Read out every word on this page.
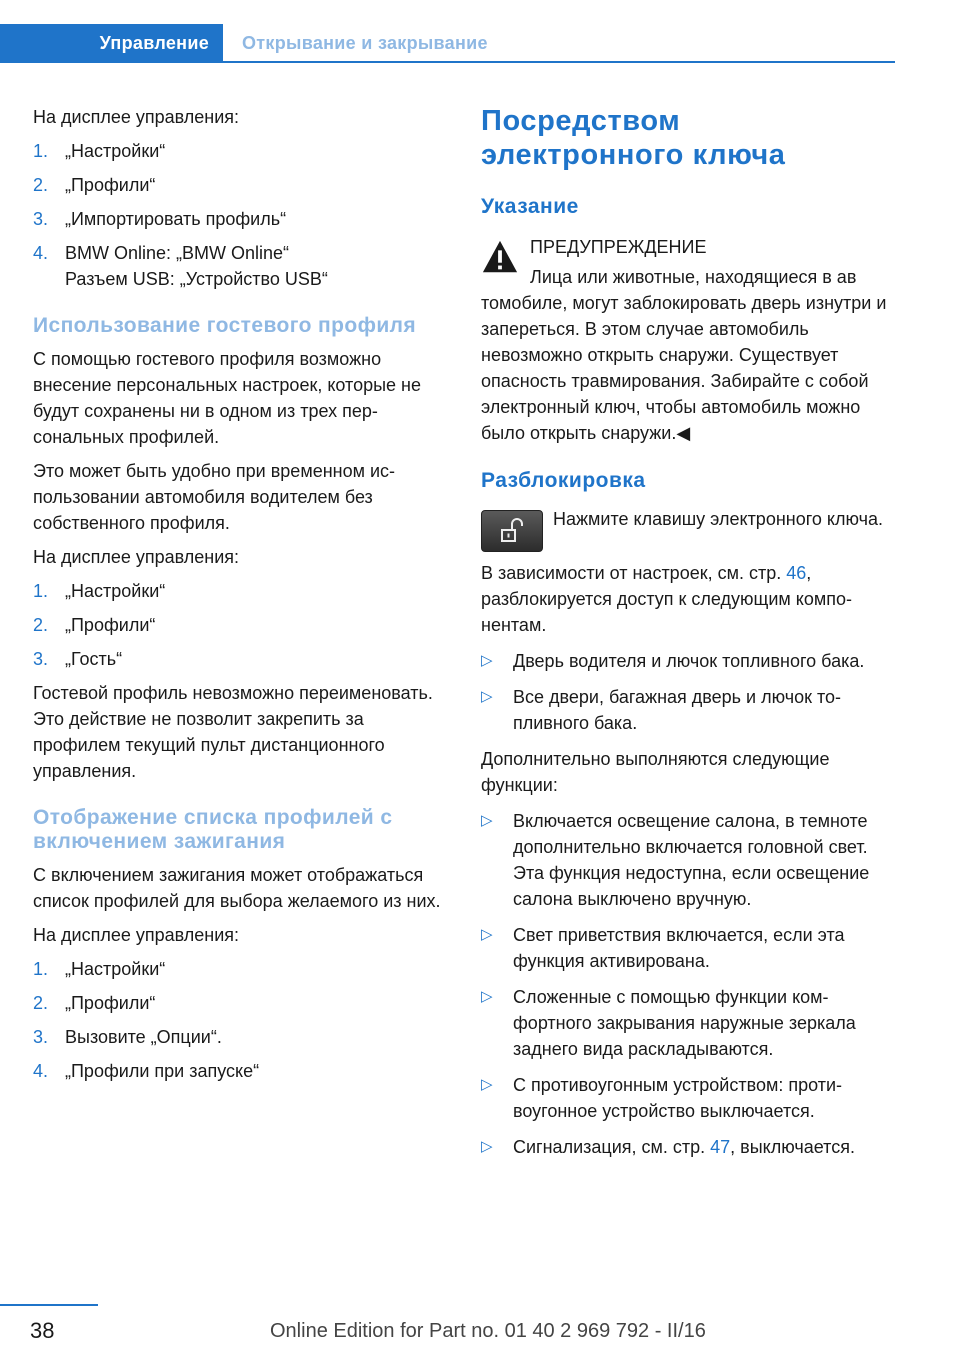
Управление Открывание и закрывание

На дисплее управления:

1. „Настройки“
2. „Профили“
3. „Импортировать профиль“
4. BMW Online: „BMW Online“

Разъем USB: „Устройство USB“

Использование гостевого профиля

С помощью гостевого профиля возможно внесение персональных настроек, которые не будут сохранены ни в одном из трех персональных профилей.

Это может быть удобно при временном использовании автомобиля водителем без собственного профиля.

На дисплее управления:

1. „Настройки“
2. „Профили“
3. „Гость“

Гостевой профиль невозможно переименовать. Это действие не позволит закрепить за профилем текущий пульт дистанционного управления.

Отображение списка профилей с включением зажигания

С включением зажигания может отображаться список профилей для выбора желаемого из них.

На дисплее управления:

1. „Настройки“
2. „Профили“
3. Вызовите „Опции“.
4. „Профили при запуске“
Посредством электронного ключа
Указание

ПРЕДУПРЕЖДЕНИЕ

Лица или животные, находящиеся в ав

томобиле, могут заблокировать дверь изнутри и запереться. В этом случае автомобиль невозможно открыть снаружи. Существует опасность травмирования. Забирайте с собой электронный ключ, чтобы автомобиль можно было открыть снаружи.◀

Разблокировка

Нажмите клавишу электронного ключа.

В зависимости от настроек, см. стр. 46, разблокируется доступ к следующим компонентам.

▷ Дверь водителя и лючок топливного бака.
▷ Все двери, багажная дверь и лючок топливного бака.

Дополнительно выполняются следующие функции:

▷ Включается освещение салона, в темноте дополнительно включается головной свет. Эта функция недоступна, если освещение салона выключено вручную.
▷ Свет приветствия включается, если эта функция активирована.
▷ Сложенные с помощью функции комфортного закрывания наружные зеркала заднего вида раскладываются.
▷ С противоугонным устройством: противоугонное устройство выключается.
▷ Сигнализация, см. стр. 47, выключается.
38	Online Edition for Part no. 01 40 2 969 792 - II/16
